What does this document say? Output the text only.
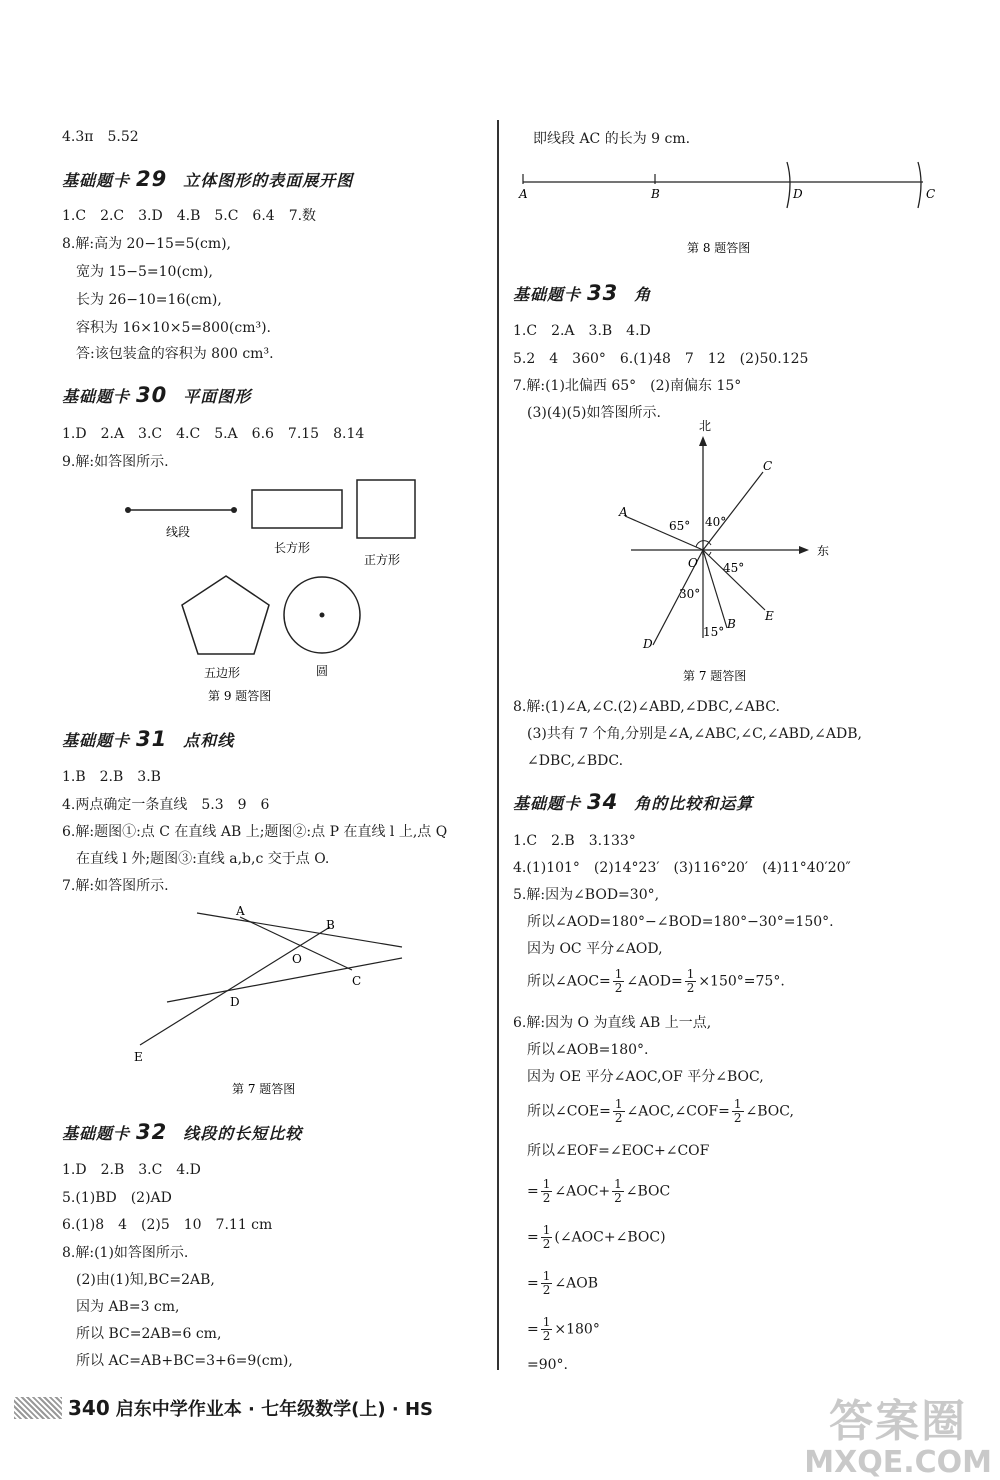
4.3π　5.52
基础题卡 29 立体图形的表面展开图
1.C　2.C　3.D　4.B　5.C　6.4　7.数
8.解:高为 20−15=5(cm),
宽为 15−5=10(cm),
长为 26−10=16(cm),
容积为 16×10×5=800(cm³).
答:该包装盒的容积为 800 cm³.
基础题卡 30 平面图形
1.D　2.A　3.C　4.C　5.A　6.6　7.15　8.14
9.解:如答图所示.
线段
长方形
正方形
五边形	圆
第 9 题答图
基础题卡 31 点和线
1.B　2.B　3.B
4.两点确定一条直线　5.3　9　6
6.解:题图①:点 C 在直线 AB 上;题图②:点 P 在直线 l 上,点 Q
在直线 l 外;题图③:直线 a,b,c 交于点 O.
7.解:如答图所示.
A
B
O
C
D
E
第 7 题答图
基础题卡 32 线段的长短比较
1.D　2.B　3.C　4.D
5.(1)BD　(2)AD
6.(1)8　4　(2)5　10　7.11 cm
8.解:(1)如答图所示.
(2)由(1)知,BC=2AB,
因为 AB=3 cm,
所以 BC=2AB=6 cm,
所以 AC=AB+BC=3+6=9(cm),
即线段 AC 的长为 9 cm.
A	B	D	C
第 8 题答图
基础题卡 33 角
1.C　2.A　3.B　4.D
5.2　4　360°　6.(1)48　7　12　(2)50.125
7.解:(1)北偏西 65°　(2)南偏东 15°
(3)(4)(5)如答图所示.
北
东
A
C
O
D
B
E
65° 40°
45°
30°
15°
第 7 题答图
8.解:(1)∠A,∠C.(2)∠ABD,∠DBC,∠ABC.
(3)共有 7 个角,分别是∠A,∠ABC,∠C,∠ABD,∠ADB,
∠DBC,∠BDC.
基础题卡 34 角的比较和运算
1.C　2.B　3.133°
4.(1)101°　(2)14°23′　(3)116°20′　(4)11°40′20″
5.解:因为∠BOD=30°,
所以∠AOD=180°−∠BOD=180°−30°=150°.
因为 OC 平分∠AOD,
所以∠AOC= $\frac{1}{2}$ ∠AOD= $\frac{1}{2} \times 150^\circ=75^\circ$.
6.解:因为 O 为直线 AB 上一点,
所以∠AOB=180°.
因为 OE 平分∠AOC,OF 平分∠BOC,
所以∠COE= $\frac{1}{2}$ ∠AOC,∠COF= $\frac{1}{2}$ ∠BOC,
所以∠EOF=∠EOC+∠COF
= $\frac{1}{2}$ ∠AOC+ $\frac{1}{2}$ ∠BOC
= $\frac{1}{2}$ (∠AOC+∠BOC)
= $\frac{1}{2}$ ∠AOB
= $\frac{1}{2} \times 180^\circ$
=90°.
340 启东中学作业本 · 七年级数学(上) · HS	答案圈
MXQE.COM
